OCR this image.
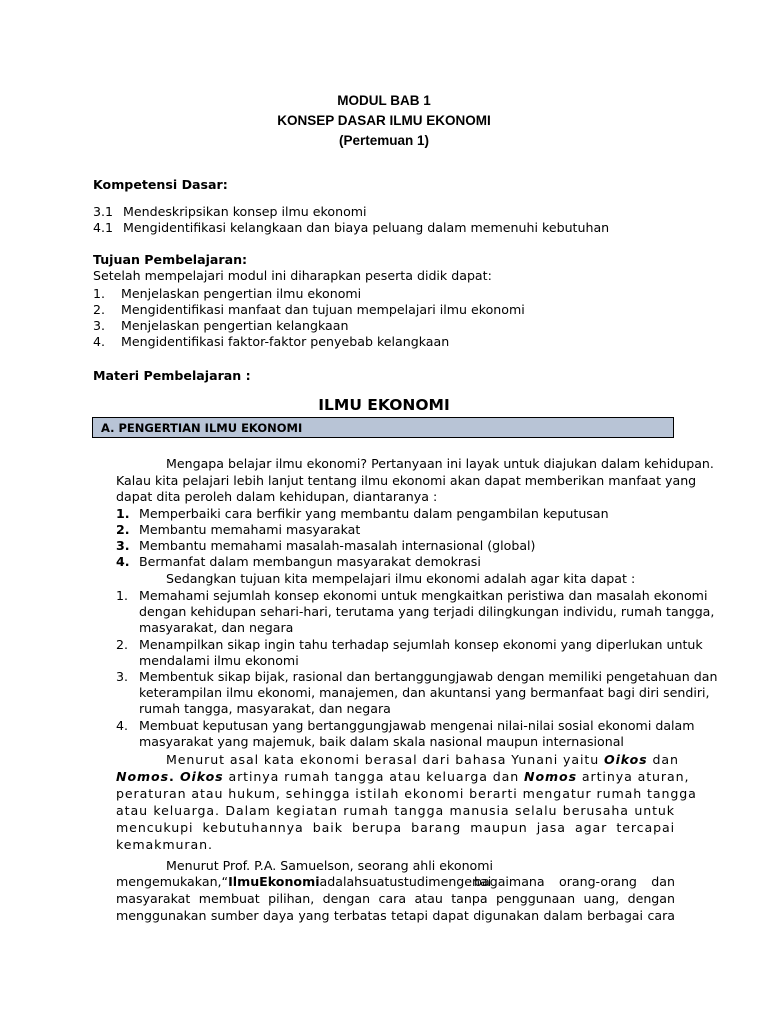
MODUL BAB 1
KONSEP DASAR ILMU EKONOMI
(Pertemuan 1)
Kompetensi Dasar:
3.1 Mendeskripsikan konsep ilmu ekonomi
4.1 Mengidentifikasi kelangkaan dan biaya peluang dalam memenuhi kebutuhan
Tujuan Pembelajaran:
Setelah mempelajari modul ini diharapkan peserta didik dapat:
1. Menjelaskan pengertian ilmu ekonomi
2. Mengidentifikasi manfaat dan tujuan mempelajari ilmu ekonomi
3. Menjelaskan pengertian kelangkaan
4. Mengidentifikasi faktor-faktor penyebab kelangkaan
Materi Pembelajaran :
ILMU EKONOMI
A. PENGERTIAN ILMU EKONOMI
Mengapa belajar ilmu ekonomi? Pertanyaan ini layak untuk diajukan dalam kehidupan.
Kalau kita pelajari lebih lanjut tentang ilmu ekonomi akan dapat memberikan manfaat yang
dapat dita peroleh dalam kehidupan, diantaranya :
1. Memperbaiki cara berfikir yang membantu dalam pengambilan keputusan
2. Membantu memahami masyarakat
3. Membantu memahami masalah-masalah internasional (global)
4. Bermanfat dalam membangun masyarakat demokrasi
Sedangkan tujuan kita mempelajari ilmu ekonomi adalah agar kita dapat :
1. Memahami sejumlah konsep ekonomi untuk mengkaitkan peristiwa dan masalah ekonomi
dengan kehidupan sehari-hari, terutama yang terjadi dilingkungan individu, rumah tangga,
masyarakat, dan negara
2. Menampilkan sikap ingin tahu terhadap sejumlah konsep ekonomi yang diperlukan untuk
mendalami ilmu ekonomi
3. Membentuk sikap bijak, rasional dan bertanggungjawab dengan memiliki pengetahuan dan
keterampilan ilmu ekonomi, manajemen, dan akuntansi yang bermanfaat bagi diri sendiri,
rumah tangga, masyarakat, dan negara
4. Membuat keputusan yang bertanggungjawab mengenai nilai-nilai sosial ekonomi dalam
masyarakat yang majemuk, baik dalam skala nasional maupun internasional
Menurut asal kata ekonomi berasal dari bahasa Yunani yaitu Oikos dan
Nomos. Oikos artinya rumah tangga atau keluarga dan Nomos artinya aturan,
peraturan atau hukum, sehingga istilah ekonomi berarti mengatur rumah tangga
atau keluarga. Dalam kegiatan rumah tangga manusia selalu berusaha untuk
mencukupi kebutuhannya baik berupa barang maupun jasa agar tercapai
kemakmuran.
Menurut Prof. P.A. Samuelson, seorang ahli ekonomi
mengemukakan,“IlmuEkonomiadalahsuatustudimengenai
bagaimana orang-orang dan
masyarakat membuat pilihan, dengan cara atau tanpa penggunaan uang, dengan
menggunakan sumber daya yang terbatas tetapi dapat digunakan dalam berbagai cara
